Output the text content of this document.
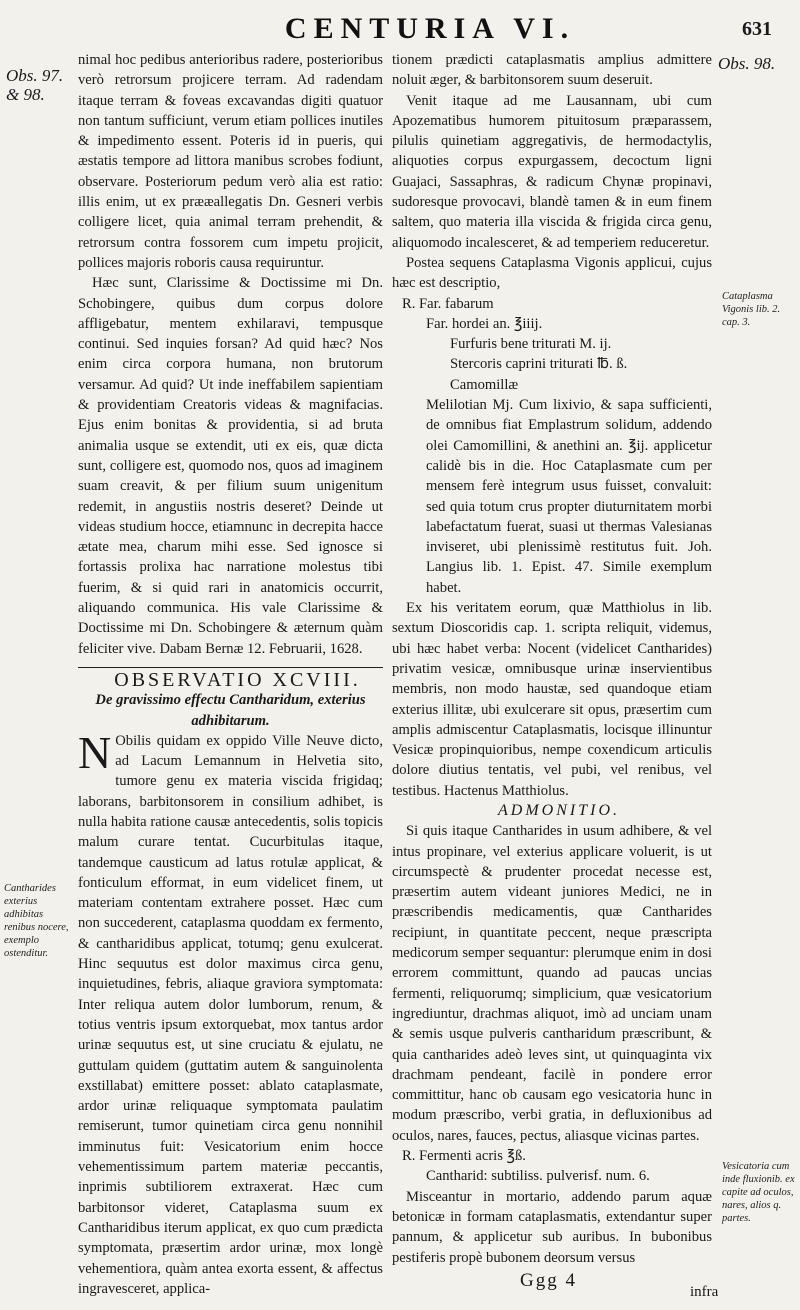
CENTURIA VI.	631
Obs. 97. & 98.
Obs. 98.
Cataplasma Vigonis lib. 2. cap. 3.
Cantharides exterius adhibitas renibus nocere, exemplo ostenditur.
Vesicatoria cum inde fluxionib. ex capite ad oculos, nares, alios q. partes.

nimal hoc pedibus anterioribus radere, posterioribus verò retrorsum projicere terram. Ad radendam itaque terram & foveas excavandas digiti quatuor non tantum sufficiunt, verum etiam pollices inutiles & impedimento essent. Poteris id in pueris, qui æstatis tempore ad littora manibus scrobes fodiunt, observare. Posteriorum pedum verò alia est ratio: illis enim, ut ex prææallegatis Dn. Gesneri verbis colligere licet, quia animal terram prehendit, & retrorsum contra fossorem cum impetu projicit, pollices majoris roboris causa requiruntur.

Hæc sunt, Clarissime & Doctissime mi Dn. Schobingere, quibus dum corpus dolore affligebatur, mentem exhilaravi, tempusque continui. Sed inquies forsan? Ad quid hæc? Nos enim circa corpora humana, non brutorum versamur. Ad quid? Ut inde ineffabilem sapientiam & providentiam Creatoris videas & magnifacias. Ejus enim bonitas & providentia, si ad bruta animalia usque se extendit, uti ex eis, quæ dicta sunt, colligere est, quomodo nos, quos ad imaginem suam creavit, & per filium suum unigenitum redemit, in angustiis nostris deseret? Deinde ut videas studium hocce, etiamnunc in decrepita hacce ætate mea, charum mihi esse. Sed ignosce si fortassis prolixa hac narratione molestus tibi fuerim, & si quid rari in anatomicis occurrit, aliquando communica. His vale Clarissime & Doctissime mi Dn. Schobingere & æternum quàm feliciter vive. Dabam Bernæ 12. Februarii, 1628.

OBSERVATIO XCVIII.

De gravissimo effectu Cantharidum, exterius adhibitarum.

N Obilis quidam ex oppido Ville Neuve dicto, ad Lacum Lemannum in Helvetia sito, tumore genu ex materia viscida frigidaq; laborans, barbitonsorem in consilium adhibet, is nulla habita ratione causæ antecedentis, solis topicis malum curare tentat. Cucurbitulas itaque, tandemque causticum ad latus rotulæ applicat, & fonticulum efformat, in eum videlicet finem, ut materiam contentam extrahere posset. Hæc cum non succederent, cataplasma quoddam ex fermento, & cantharidibus applicat, totumq; genu exulcerat. Hinc sequutus est dolor maximus circa genu, inquietudines, febris, aliaque graviora symptomata: Inter reliqua autem dolor lumborum, renum, & totius ventris ipsum extorquebat, mox tantus ardor urinæ sequutus est, ut sine cruciatu & ejulatu, ne guttulam quidem (guttatim autem & sanguinolenta exstillabat) emittere posset: ablato cataplasmate, ardor urinæ reliquaque symptomata paulatim remiserunt, tumor quinetiam circa genu nonnihil imminutus fuit: Vesicatorium enim hocce vehementissimum partem materiæ peccantis, inprimis subtiliorem extraxerat. Hæc cum barbitonsor videret, Cataplasma suum ex Cantharidibus iterum applicat, ex quo cum prædicta symptomata, præsertim ardor urinæ, mox longè vehementiora, quàm antea exorta essent, & affectus ingravesceret, applica-

tionem prædicti cataplasmatis amplius admittere noluit æger, & barbitonsorem suum deseruit.

Venit itaque ad me Lausannam, ubi cum Apozematibus humorem pituitosum præparassem, pilulis quinetiam aggregativis, de hermodactylis, aliquoties corpus expurgassem, decoctum ligni Guajaci, Sassaphras, & radicum Chynæ propinavi, sudoresque provocavi, blandè tamen & in eum finem saltem, quo materia illa viscida & frigida circa genu, aliquomodo incalesceret, & ad temperiem reduceretur.

Postea sequens Cataplasma Vigonis applicui, cujus hæc est descriptio,

R. Far. fabarum

Far. hordei an. ℥iiij.

Furfuris bene triturati M. ij.

Stercoris caprini triturati ℔. ß.

Camomillæ

Melilotian Mj. Cum lixivio, & sapa sufficienti, de omnibus fiat Emplastrum solidum, addendo olei Camomillini, & anethini an. ℥ij. applicetur calidè bis in die. Hoc Cataplasmate cum per mensem ferè integrum usus fuisset, convaluit: sed quia totum crus propter diuturnitatem morbi labefactatum fuerat, suasi ut thermas Valesianas inviseret, ubi plenissimè restitutus fuit. Joh. Langius lib. 1. Epist. 47. Simile exemplum habet.

Ex his veritatem eorum, quæ Matthiolus in lib. sextum Dioscoridis cap. 1. scripta reliquit, videmus, ubi hæc habet verba: Nocent (videlicet Cantharides) privatim vesicæ, omnibusque urinæ inservientibus membris, non modo haustæ, sed quandoque etiam exterius illitæ, ubi exulcerare sit opus, præsertim cum amplis admiscentur Cataplasmatis, locisque illinuntur Vesicæ propinquioribus, nempe coxendicum articulis dolore diutius tentatis, vel pubi, vel renibus, vel testibus. Hactenus Matthiolus.

ADMONITIO.

Si quis itaque Cantharides in usum adhibere, & vel intus propinare, vel exterius applicare voluerit, is ut circumspectè & prudenter procedat necesse est, præsertim autem videant juniores Medici, ne in præscribendis medicamentis, quæ Cantharides recipiunt, in quantitate peccent, neque præscripta medicorum semper sequantur: plerumque enim in dosi errorem committunt, quando ad paucas uncias fermenti, reliquorumq; simplicium, quæ vesicatorium ingrediuntur, drachmas aliquot, imò ad unciam unam & semis usque pulveris cantharidum præscribunt, & quia cantharides adeò leves sint, ut quinquaginta vix drachmam pendeant, facilè in pondere error committitur, hanc ob causam ego vesicatoria hunc in modum præscribo, verbi gratia, in defluxionibus ad oculos, nares, fauces, pectus, aliasque vicinas partes.

R. Fermenti acris ℥ß.

Cantharid: subtiliss. pulverisf. num. 6.

Misceantur in mortario, addendo parum aquæ betonicæ in formam cataplasmatis, extendantur super pannum, & applicetur sub auribus. In bubonibus pestiferis propè bubonem deorsum versus

Ggg 4
infra
